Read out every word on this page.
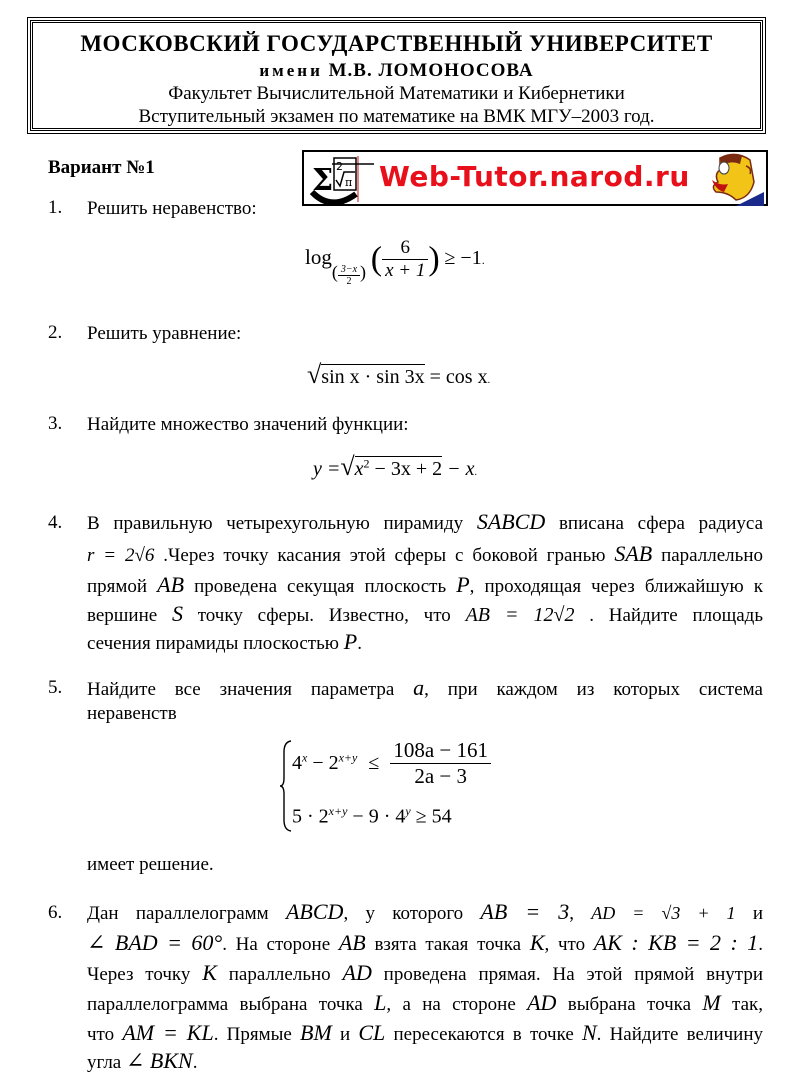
МОСКОВСКИЙ ГОСУДАРСТВЕННЫЙ УНИВЕРСИТЕТ
имени М.В. ЛОМОНОСОВА
Факультет Вычислительной Математики и Кибернетики
Вступительный экзамен по математике на ВМК МГУ–2003 год.
Вариант №1	Σ 2
π Web-Tutor.narod.ru
1. Решить неравенство:
$\log( \frac{3-x}{2}$ ) ( $\frac{6}{x + 1}$ ) ≥ −1.
2. Решить уравнение:
√sin x · sin 3x = cos x.
3. Найдите множество значений функции:
$y =√x^2 - 3x + 2 - x$.
4. В правильную четырехугольную пирамиду SABCD вписана сфера радиуса
r = 2√6 .Через точку касания этой сферы с боковой гранью SAB параллельно
прямой AB проведена секущая плоскость P, проходящая через ближайшую к
вершине S точку сферы. Известно, что AB = 12√2 . Найдите площадь
сечения пирамиды плоскостью P.
5. Найдите все значения параметра a, при каждом из которых система
неравенств
$4^x - 2^{x+y} \le \frac{108a - 161}{2a - 3}$
$5 \cdot 2^{x+y} - 9 \cdot 4^y \ge 54$
имеет решение.
6. Дан параллелограмм ABCD, у которого AB = 3, AD = √3 + 1 и
∠ BAD = 60°. На стороне AB взята такая точка K, что AK : KB = 2 : 1.
Через точку K параллельно AD проведена прямая. На этой прямой внутри
параллелограмма выбрана точка L, а на стороне AD выбрана точка M так,
что AM = KL. Прямые BM и CL пересекаются в точке N. Найдите величину
угла ∠ BKN.
